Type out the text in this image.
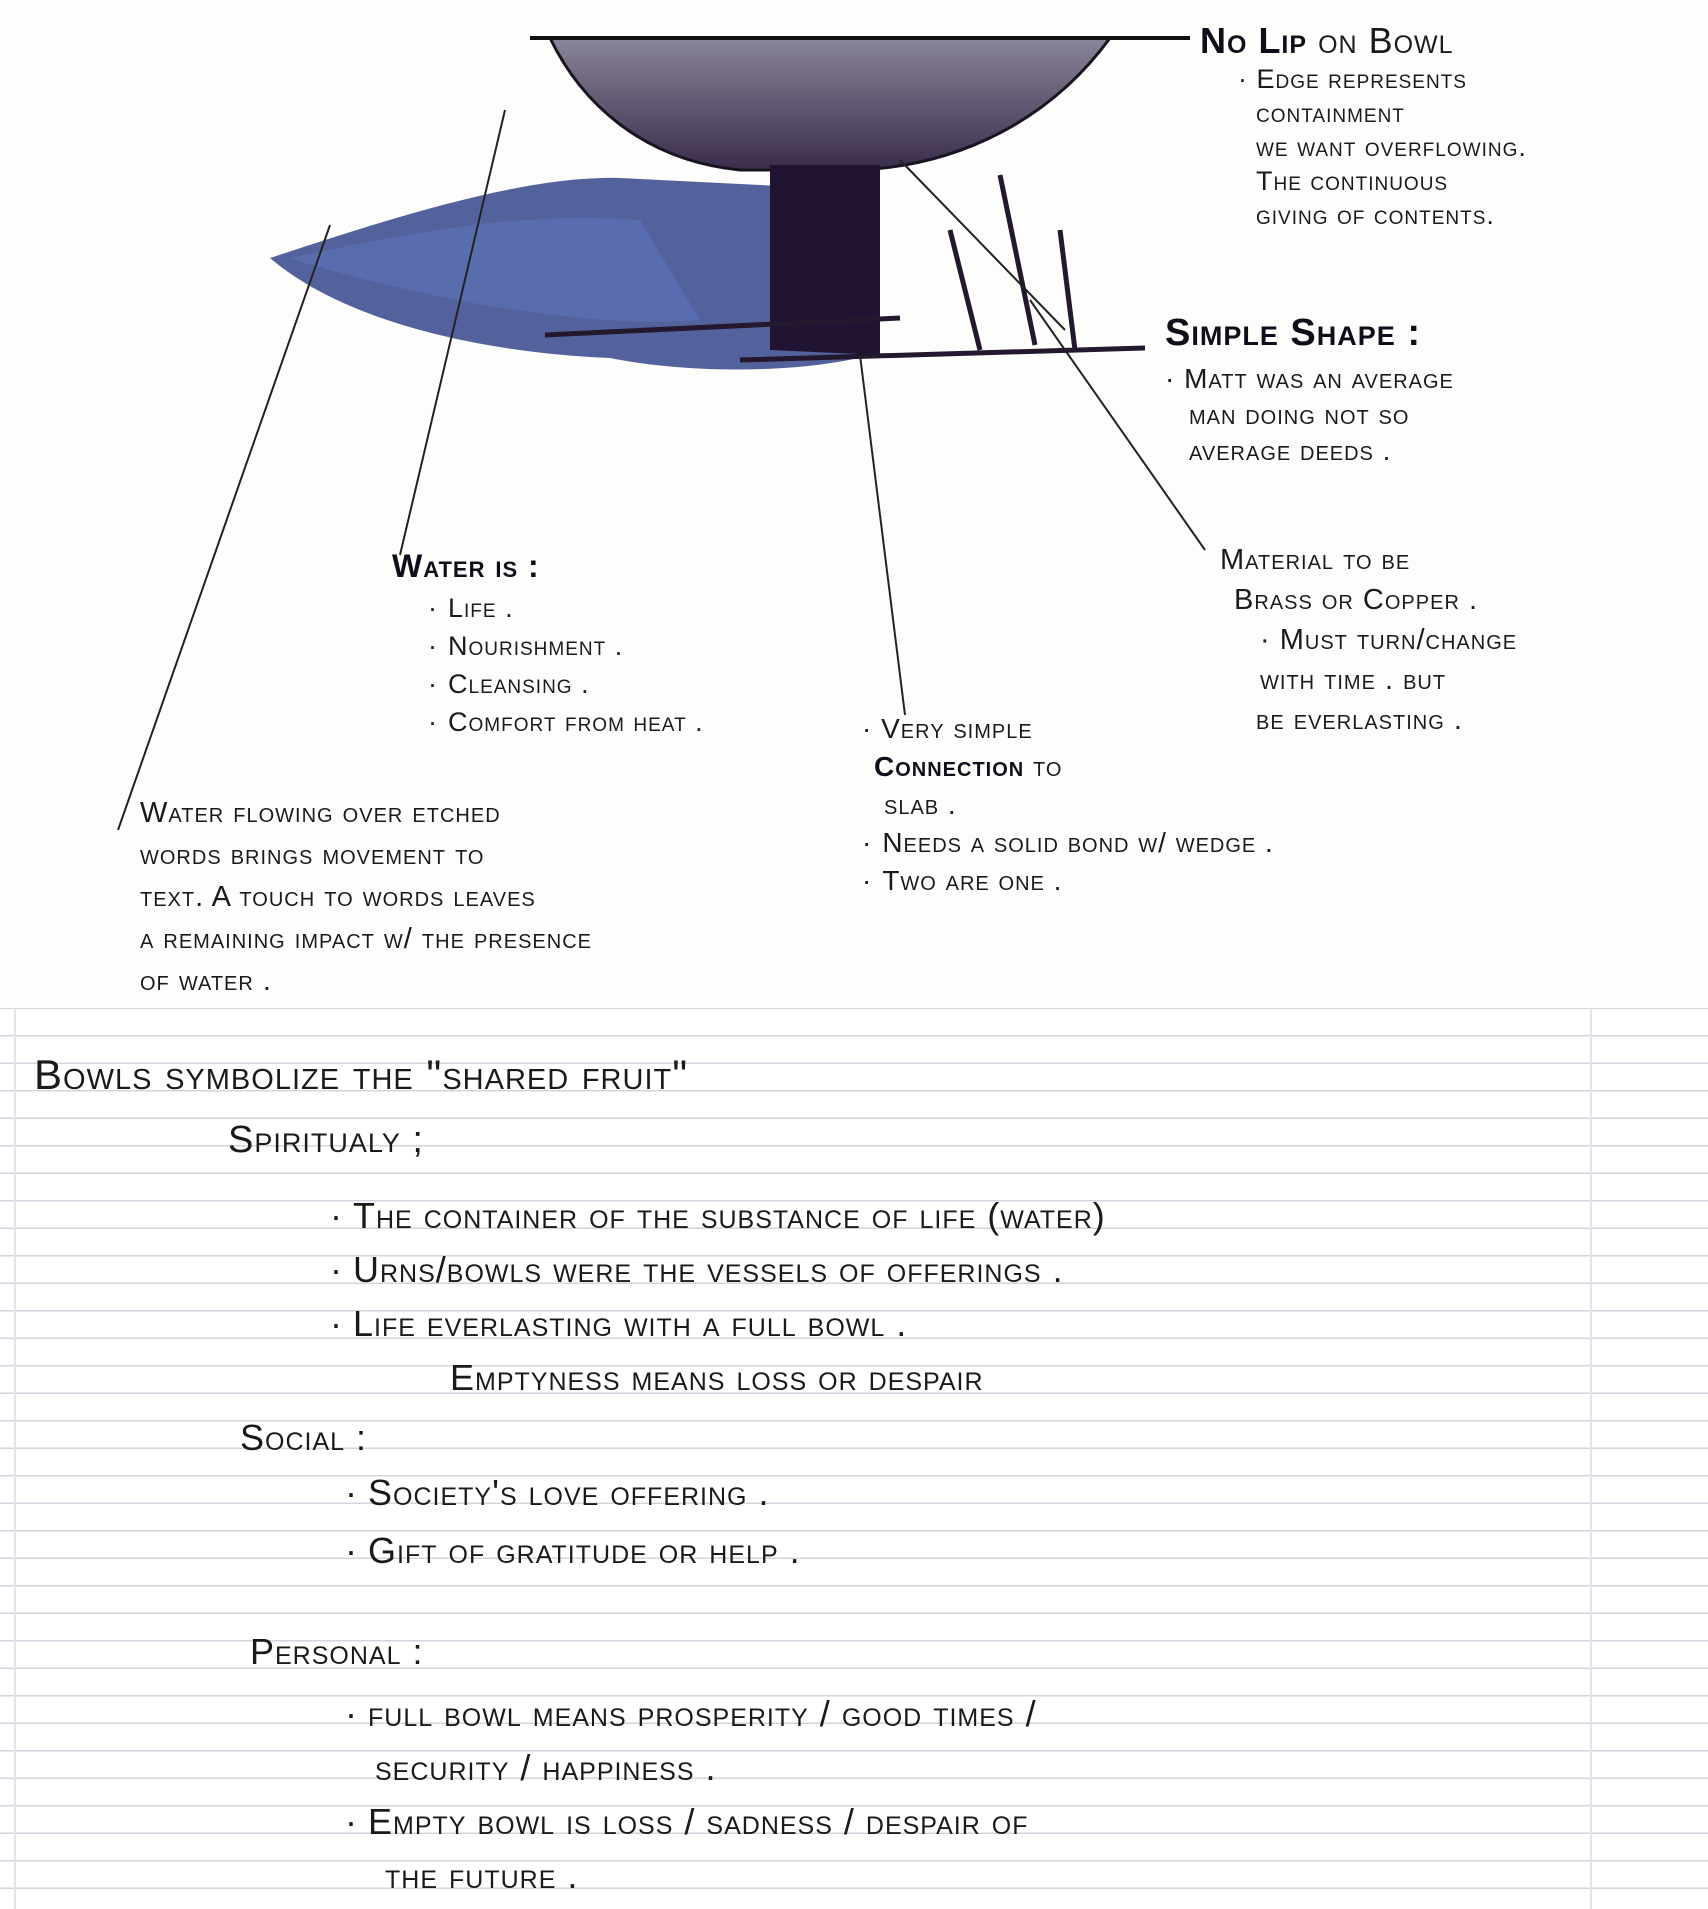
No Lip on Bowl
· Edge represents
containment
we want overflowing.
The continuous
giving of contents.
Simple Shape :
· Matt was an average
man doing not so
average deeds .
Material to be
Brass or Copper .
· Must turn/change
with time . but
be everlasting .
Water is :
· Life .
· Nourishment .
· Cleansing .
· Comfort from heat .	· Very simple
Connection to
slab .
· Needs a solid bond w/ wedge .
· Two are one .
Water flowing over etched
words brings movement to
text. A touch to words leaves
a remaining impact w/ the presence
of water .
Bowls symbolize the "shared fruit"
Spiritualy ;
· The container of the substance of life (water)
· Urns/bowls were the vessels of offerings .
· Life everlasting with a full bowl .
Emptyness means loss or despair
Social :
· Society's love offering .
· Gift of gratitude or help .
Personal :
· full bowl means prosperity / good times /
security / happiness .
· Empty bowl is loss / sadness / despair of
the future .
